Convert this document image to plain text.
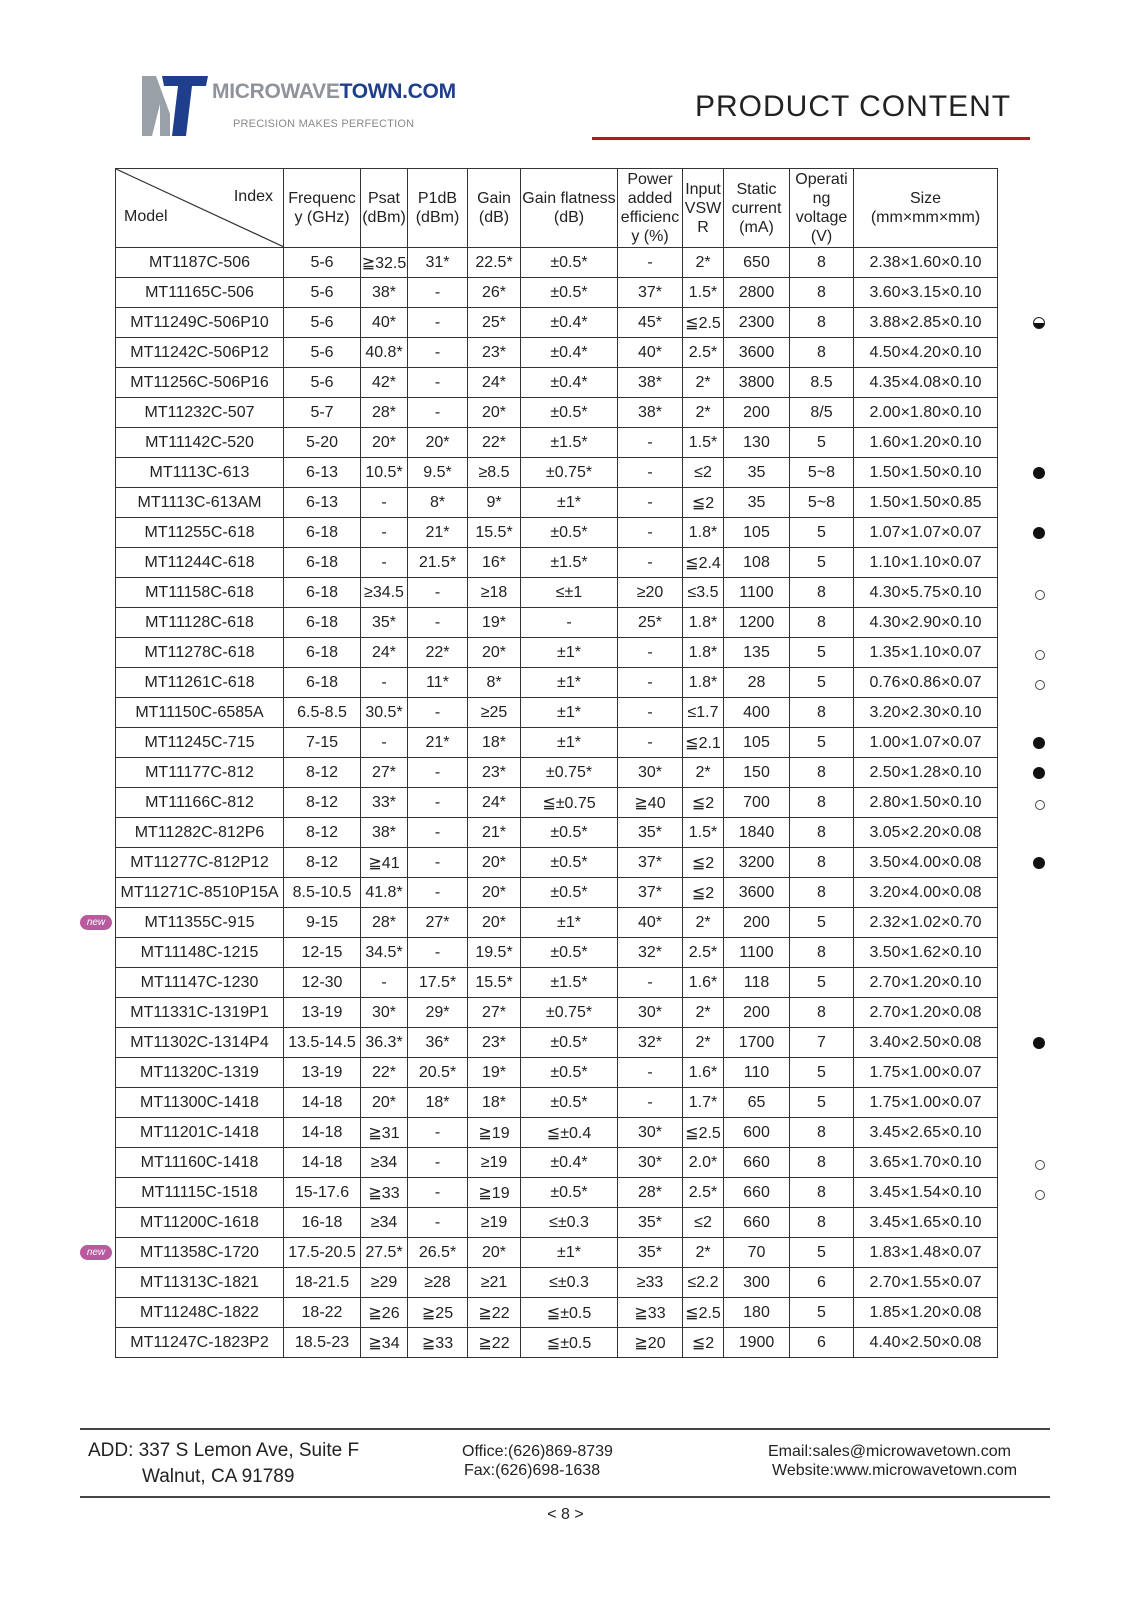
MICROWAVETOWN.COM
PRECISION MAKES PERFECTION
PRODUCT CONTENT
Index
Model	Frequenc y (GHz)	Psat (dBm)	P1dB (dBm)	Gain (dB)	Gain flatness (dB)	Power added efficienc y (%)	Input VSW R	Static current (mA)	Operati ng voltage (V)	Size (mm×mm×mm)
MT1187C-506	5-6	≧32.5	31*	22.5*	±0.5*	-	2*	650	8	2.38×1.60×0.10
MT11165C-506	5-6	38*	-	26*	±0.5*	37*	1.5*	2800	8	3.60×3.15×0.10
MT11249C-506P10	5-6	40*	-	25*	±0.4*	45*	≦2.5	2300	8	3.88×2.85×0.10
MT11242C-506P12	5-6	40.8*	-	23*	±0.4*	40*	2.5*	3600	8	4.50×4.20×0.10
MT11256C-506P16	5-6	42*	-	24*	±0.4*	38*	2*	3800	8.5	4.35×4.08×0.10
MT11232C-507	5-7	28*	-	20*	±0.5*	38*	2*	200	8/5	2.00×1.80×0.10
MT11142C-520	5-20	20*	20*	22*	±1.5*	-	1.5*	130	5	1.60×1.20×0.10
MT1113C-613	6-13	10.5*	9.5*	≥8.5	±0.75*	-	≤2	35	5~8	1.50×1.50×0.10
MT1113C-613AM	6-13	-	8*	9*	±1*	-	≦2	35	5~8	1.50×1.50×0.85
MT11255C-618	6-18	-	21*	15.5*	±0.5*	-	1.8*	105	5	1.07×1.07×0.07
MT11244C-618	6-18	-	21.5*	16*	±1.5*	-	≦2.4	108	5	1.10×1.10×0.07
MT11158C-618	6-18	≥34.5	-	≥18	≤±1	≥20	≤3.5	1100	8	4.30×5.75×0.10
MT11128C-618	6-18	35*	-	19*	-	25*	1.8*	1200	8	4.30×2.90×0.10
MT11278C-618	6-18	24*	22*	20*	±1*	-	1.8*	135	5	1.35×1.10×0.07
MT11261C-618	6-18	-	11*	8*	±1*	-	1.8*	28	5	0.76×0.86×0.07
MT11150C-6585A	6.5-8.5	30.5*	-	≥25	±1*	-	≤1.7	400	8	3.20×2.30×0.10
MT11245C-715	7-15	-	21*	18*	±1*	-	≦2.1	105	5	1.00×1.07×0.07
MT11177C-812	8-12	27*	-	23*	±0.75*	30*	2*	150	8	2.50×1.28×0.10
MT11166C-812	8-12	33*	-	24*	≦±0.75	≧40	≦2	700	8	2.80×1.50×0.10
MT11282C-812P6	8-12	38*	-	21*	±0.5*	35*	1.5*	1840	8	3.05×2.20×0.08
MT11277C-812P12	8-12	≧41	-	20*	±0.5*	37*	≦2	3200	8	3.50×4.00×0.08
MT11271C-8510P15A	8.5-10.5	41.8*	-	20*	±0.5*	37*	≦2	3600	8	3.20×4.00×0.08
MT11355C-915	9-15	28*	27*	20*	±1*	40*	2*	200	5	2.32×1.02×0.70
MT11148C-1215	12-15	34.5*	-	19.5*	±0.5*	32*	2.5*	1100	8	3.50×1.62×0.10
MT11147C-1230	12-30	-	17.5*	15.5*	±1.5*	-	1.6*	118	5	2.70×1.20×0.10
MT11331C-1319P1	13-19	30*	29*	27*	±0.75*	30*	2*	200	8	2.70×1.20×0.08
MT11302C-1314P4	13.5-14.5	36.3*	36*	23*	±0.5*	32*	2*	1700	7	3.40×2.50×0.08
MT11320C-1319	13-19	22*	20.5*	19*	±0.5*	-	1.6*	110	5	1.75×1.00×0.07
MT11300C-1418	14-18	20*	18*	18*	±0.5*	-	1.7*	65	5	1.75×1.00×0.07
MT11201C-1418	14-18	≧31	-	≧19	≦±0.4	30*	≦2.5	600	8	3.45×2.65×0.10
MT11160C-1418	14-18	≥34	-	≥19	±0.4*	30*	2.0*	660	8	3.65×1.70×0.10
MT11115C-1518	15-17.6	≧33	-	≧19	±0.5*	28*	2.5*	660	8	3.45×1.54×0.10
MT11200C-1618	16-18	≥34	-	≥19	≤±0.3	35*	≤2	660	8	3.45×1.65×0.10
MT11358C-1720	17.5-20.5	27.5*	26.5*	20*	±1*	35*	2*	70	5	1.83×1.48×0.07
MT11313C-1821	18-21.5	≥29	≥28	≥21	≤±0.3	≥33	≤2.2	300	6	2.70×1.55×0.07
MT11248C-1822	18-22	≧26	≧25	≧22	≦±0.5	≧33	≦2.5	180	5	1.85×1.20×0.08
MT11247C-1823P2	18.5-23	≧34	≧33	≧22	≦±0.5	≧20	≦2	1900	6	4.40×2.50×0.08
new
new
ADD: 337 S Lemon Ave, Suite F
Walnut, CA 91789
Office:(626)869-8739
Fax:(626)698-1638
Email:sales@microwavetown.com
Website:www.microwavetown.com
< 8 >
